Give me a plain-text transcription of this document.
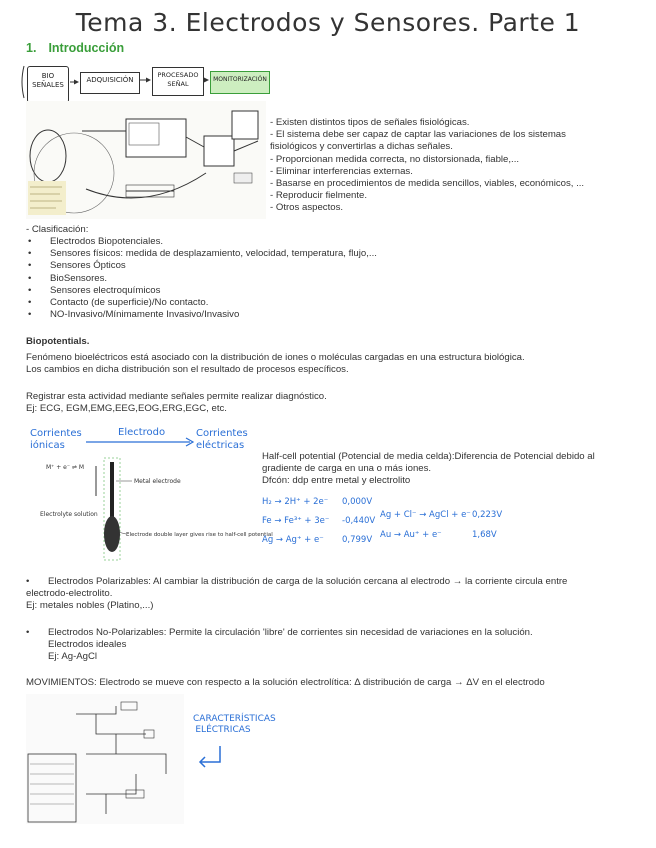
Tema 3. Electrodos y Sensores. Parte 1
1. Introducción
BIO SEÑALES
ADQUISICIÓN
PROCESADO SEÑAL
MONITORIZACIÓN
- Existen distintos tipos de señales fisiológicas.
- El sistema debe ser capaz de captar las variaciones de los sistemas
fisiológicos y convertirlas a dichas señales.
- Proporcionan medida correcta, no distorsionada, fiable,...
- Eliminar interferencias externas.
- Basarse en procedimientos de medida sencillos, viables, económicos, ...
- Reproducir fielmente.
- Otros aspectos.
- Clasificación:
• Electrodos Biopotenciales.
• Sensores físicos: medida de desplazamiento, velocidad, temperatura, flujo,...
• Sensores Ópticos
• BioSensores.
• Sensores electroquímicos
• Contacto (de superficie)/No contacto.
• NO-Invasivo/Mínimamente Invasivo/Invasivo
Biopotentials.
Fenómeno bioeléctricos está asociado con la distribución de iones o moléculas cargadas en una estructura biológica.
Los cambios en dicha distribución son el resultado de procesos específicos.
Registrar esta actividad mediante señales permite realizar diagnóstico.
Ej: ECG, EGM,EMG,EEG,EOG,ERG,EGC, etc.
Corrientes iónicas
Electrodo	Corrientes eléctricas
Metal electrode
M⁺ + e⁻ ⇌ M
Electrolyte solution
Electrode double layer gives rise to half-cell potential
Half-cell potential (Potencial de media celda):Diferencia de Potencial debido al
gradiente de carga en una o más iones.
Dfcón: ddp entre metal y electrolito
H₂ → 2H⁺ + 2e⁻ 0,000V
Fe → Fe³⁺ + 3e⁻ -0,440V
Ag → Ag⁺ + e⁻ 0,799V
Ag + Cl⁻ → AgCl + e⁻ 0,223V
Au → Au⁺ + e⁻	1,68V
• Electrodos Polarizables: Al cambiar la distribución de carga de la solución cercana al electrodo → la corriente circula entre
electrodo-electrolito.
Ej: metales nobles (Platino,...)
• Electrodos No-Polarizables: Permite la circulación 'libre' de corrientes sin necesidad de variaciones en la solución.
Electrodos ideales
Ej: Ag-AgCl
MOVIMIENTOS: Electrodo se mueve con respecto a la solución electrolítica: Δ distribución de carga → ΔV en el electrodo
CARACTERÍSTICAS ELÉCTRICAS
